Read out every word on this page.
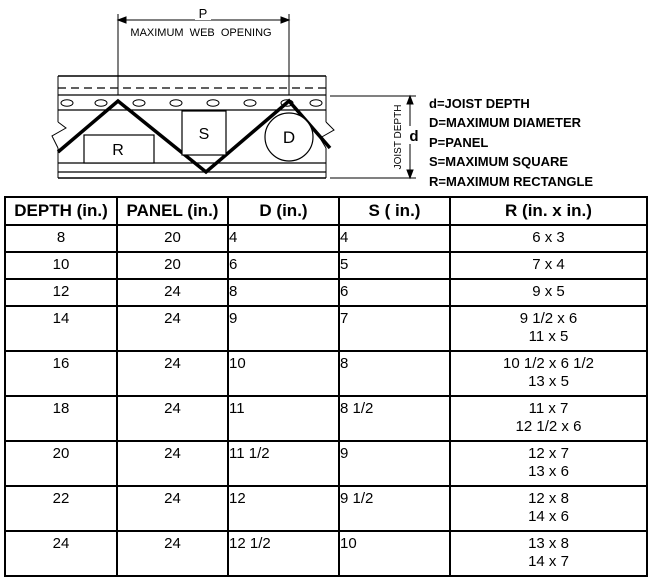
P
MAXIMUM  WEB  OPENING
R
S	D	JOIST DEPTH d
d=JOIST DEPTH
D=MAXIMUM DIAMETER
P=PANEL
S=MAXIMUM SQUARE
R=MAXIMUM RECTANGLE
DEPTH (in.)	PANEL (in.)	D (in.)	S ( in.)	R (in. x in.)
8	20	4	4	6 x 3

10	20	6	5	7 x 4

12	24	8	6	9 x 5

14	24	9	7	9 1/2 x 6
11 x 5

16	24	10	8	10 1/2 x 6 1/2
13 x 5

18	24	11	8 1/2	11 x 7
12 1/2 x 6

20	24	11 1/2	9	12 x 7
13 x 6

22	24	12	9 1/2	12 x 8
14 x 6

24	24	12 1/2	10	13 x 8
14 x 7
